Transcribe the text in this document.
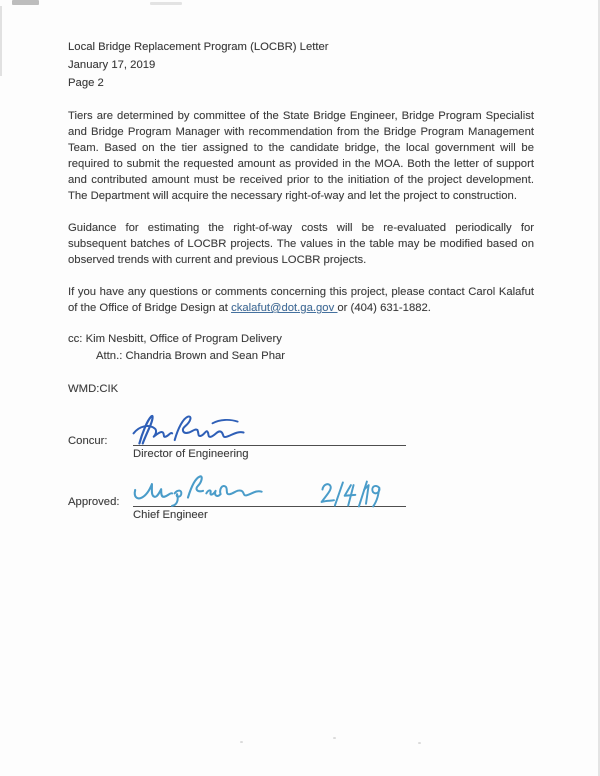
Local Bridge Replacement Program (LOCBR) Letter
January 17, 2019
Page 2

Tiers are determined by committee of the State Bridge Engineer, Bridge Program Specialist and Bridge Program Manager with recommendation from the Bridge Program Management Team. Based on the tier assigned to the candidate bridge, the local government will be required to submit the requested amount as provided in the MOA. Both the letter of support and contributed amount must be received prior to the initiation of the project development. The Department will acquire the necessary right-of-way and let the project to construction.

Guidance for estimating the right-of-way costs will be re-evaluated periodically for subsequent batches of LOCBR projects. The values in the table may be modified based on observed trends with current and previous LOCBR projects.

If you have any questions or comments concerning this project, please contact Carol Kalafut of the Office of Bridge Design at ckalafut@dot.ga.gov or (404) 631-1882.

cc: Kim Nesbitt, Office of Program Delivery
Attn.: Chandria Brown and Sean Phar
WMD:CIK
Concur:
Director of Engineering
Approved:
Chief Engineer
